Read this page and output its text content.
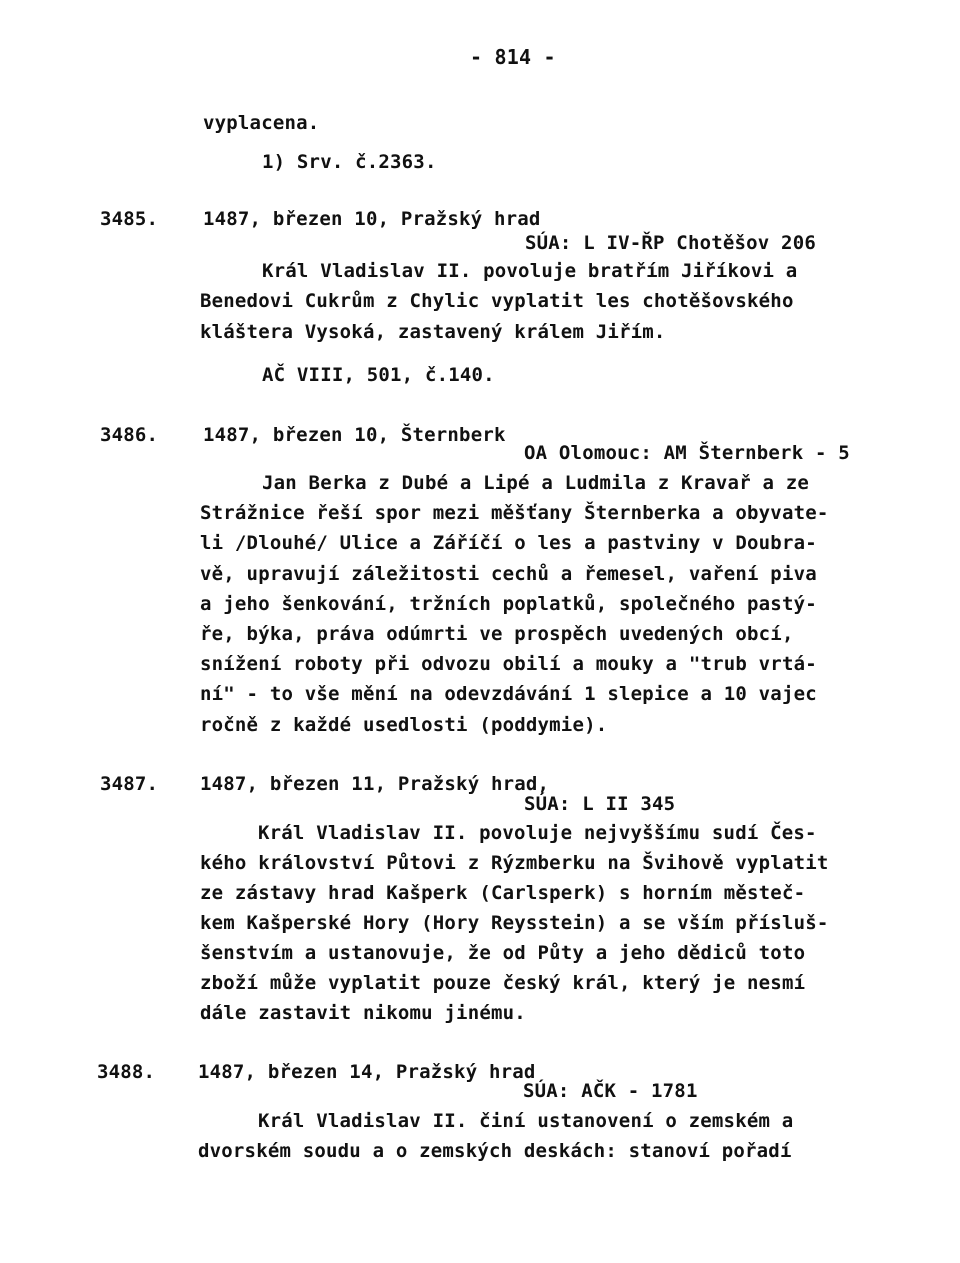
- 814 -
vyplacena.
1) Srv. č.2363.
3485. 1487, březen 10, Pražský hrad
SÚA: L IV-ŘP Chotěšov 206
Král Vladislav II. povoluje bratřím Jiříkovi a
Benedovi Cukrům z Chylic vyplatit les chotěšovského
kláštera Vysoká, zastavený králem Jiřím.
AČ VIII, 501, č.140.
3486. 1487, březen 10, Šternberk
OA Olomouc: AM Šternberk - 5
Jan Berka z Dubé a Lipé a Ludmila z Kravař a ze
Strážnice řeší spor mezi měšťany Šternberka a obyvate-
li /Dlouhé/ Ulice a Záříčí o les a pastviny v Doubra-
vě, upravují záležitosti cechů a řemesel, vaření piva
a jeho šenkování, tržních poplatků, společného pastý-
ře, býka, práva odúmrti ve prospěch uvedených obcí,
snížení roboty při odvozu obilí a mouky a "trub vrtá-
ní" - to vše mění na odevzdávání 1 slepice a 10 vajec
ročně z každé usedlosti (poddymie).
3487. 1487, březen 11, Pražský hrad,
SÚA: L II 345
Král Vladislav II. povoluje nejvyššímu sudí Čes-
kého království Půtovi z Rýzmberku na Švihově vyplatit
ze zástavy hrad Kašperk (Carlsperk) s horním městeč-
kem Kašperské Hory (Hory Reysstein) a se vším přísluš-
šenstvím a ustanovuje, že od Půty a jeho dědiců toto
zboží může vyplatit pouze český král, který je nesmí
dále zastavit nikomu jinému.
3488. 1487, březen 14, Pražský hrad
SÚA: AČK - 1781
Král Vladislav II. činí ustanovení o zemském a
dvorském soudu a o zemských deskách: stanoví pořadí
